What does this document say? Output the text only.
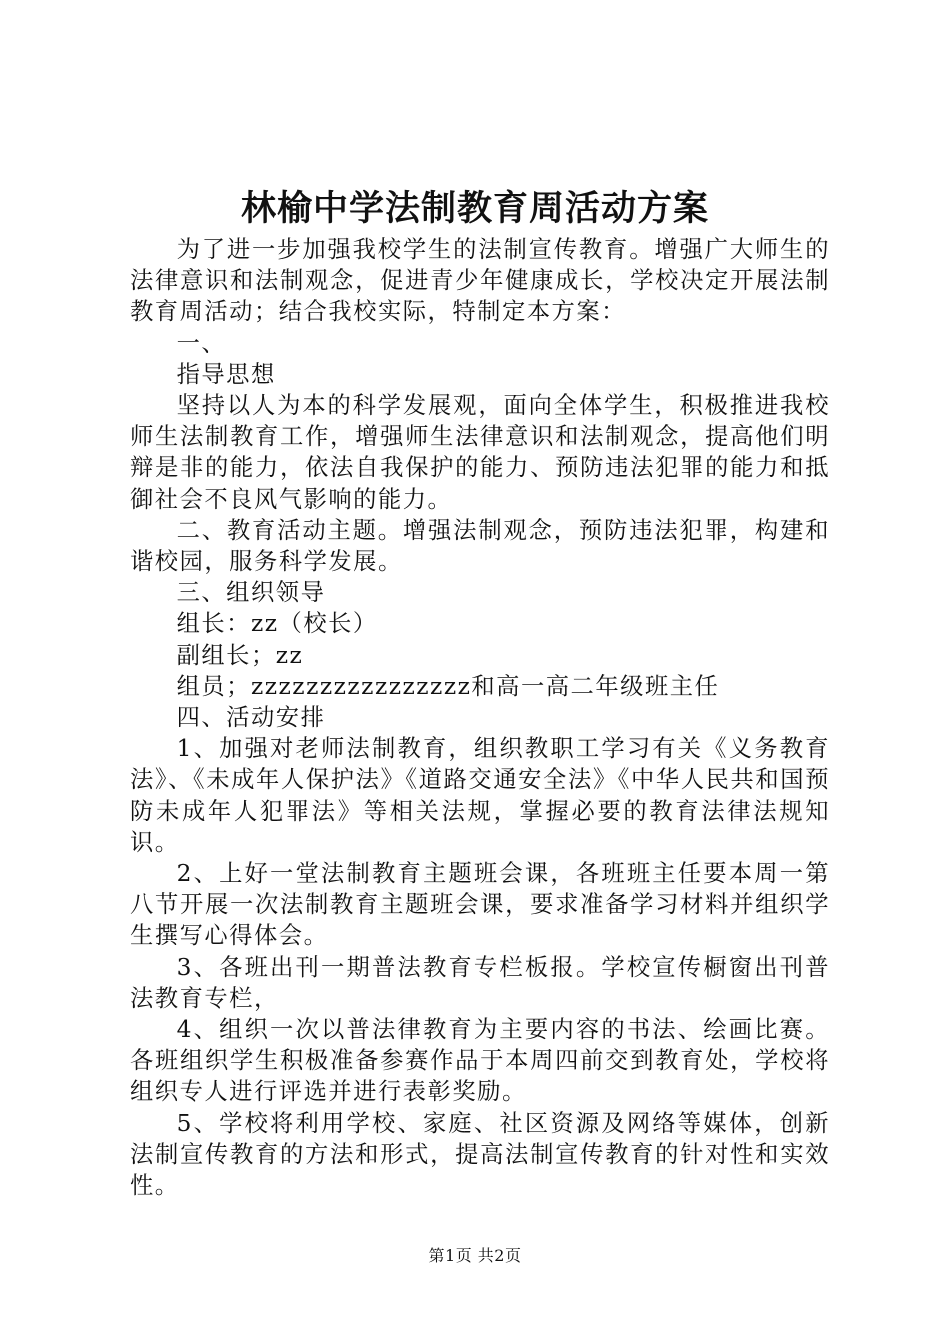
林榆中学法制教育周活动方案

为了进一步加强我校学生的法制宣传教育。增强广大师生的法律意识和法制观念，促进青少年健康成长，学校决定开展法制教育周活动；结合我校实际，特制定本方案：

一、

指导思想

坚持以人为本的科学发展观，面向全体学生，积极推进我校师生法制教育工作，增强师生法律意识和法制观念，提高他们明辩是非的能力，依法自我保护的能力、预防违法犯罪的能力和抵御社会不良风气影响的能力。

二、教育活动主题。增强法制观念，预防违法犯罪，构建和谐校园，服务科学发展。

三、组织领导

组长：zz（校长）

副组长；zz

组员；zzzzzzzzzzzzzzzz和高一高二年级班主任

四、活动安排

1、加强对老师法制教育，组织教职工学习有关《义务教育法》、《未成年人保护法》《道路交通安全法》《中华人民共和国预防未成年人犯罪法》等相关法规，掌握必要的教育法律法规知识。

2、上好一堂法制教育主题班会课，各班班主任要本周一第八节开展一次法制教育主题班会课，要求准备学习材料并组织学生撰写心得体会。

3、各班出刊一期普法教育专栏板报。学校宣传橱窗出刊普法教育专栏，

4、组织一次以普法律教育为主要内容的书法、绘画比赛。各班组织学生积极准备参赛作品于本周四前交到教育处，学校将组织专人进行评选并进行表彰奖励。

5、学校将利用学校、家庭、社区资源及网络等媒体，创新法制宣传教育的方法和形式，提高法制宣传教育的针对性和实效性。

第1页 共2页
